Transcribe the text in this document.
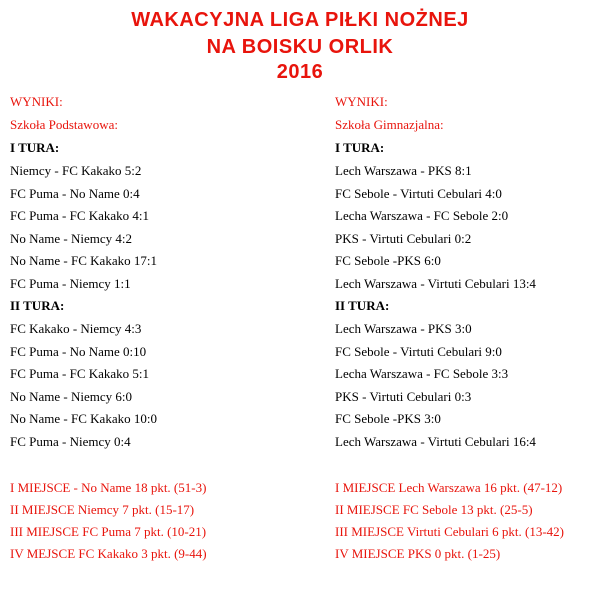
WAKACYJNA LIGA PIŁKI NOŻNEJ
NA BOISKU ORLIK
2016
WYNIKI:
Szkoła Podstawowa:
I TURA:
Niemcy - FC Kakako 5:2
FC Puma - No Name 0:4
FC Puma - FC Kakako 4:1
No Name - Niemcy 4:2
No Name - FC Kakako 17:1
FC Puma - Niemcy 1:1
II TURA:
FC Kakako - Niemcy 4:3
FC Puma - No Name 0:10
FC Puma - FC Kakako 5:1
No Name - Niemcy 6:0
No Name - FC Kakako 10:0
FC Puma - Niemcy 0:4
I MIEJSCE - No Name 18 pkt. (51-3)
II MIEJSCE Niemcy 7 pkt. (15-17)
III MIEJSCE FC Puma 7 pkt. (10-21)
IV MEJSCE FC Kakako 3 pkt. (9-44)
WYNIKI:
Szkoła Gimnazjalna:
I TURA:
Lech Warszawa - PKS 8:1
FC Sebole - Virtuti Cebulari 4:0
Lecha Warszawa - FC Sebole 2:0
PKS - Virtuti Cebulari 0:2
FC Sebole -PKS 6:0
Lech Warszawa - Virtuti Cebulari 13:4
II TURA:
Lech Warszawa - PKS 3:0
FC Sebole - Virtuti Cebulari 9:0
Lecha Warszawa - FC Sebole 3:3
PKS - Virtuti Cebulari 0:3
FC Sebole -PKS 3:0
Lech Warszawa - Virtuti Cebulari 16:4
I MIEJSCE Lech Warszawa 16 pkt. (47-12)
II MIEJSCE FC Sebole 13 pkt. (25-5)
III MIEJSCE Virtuti Cebulari 6 pkt. (13-42)
IV MIEJSCE PKS 0 pkt. (1-25)
